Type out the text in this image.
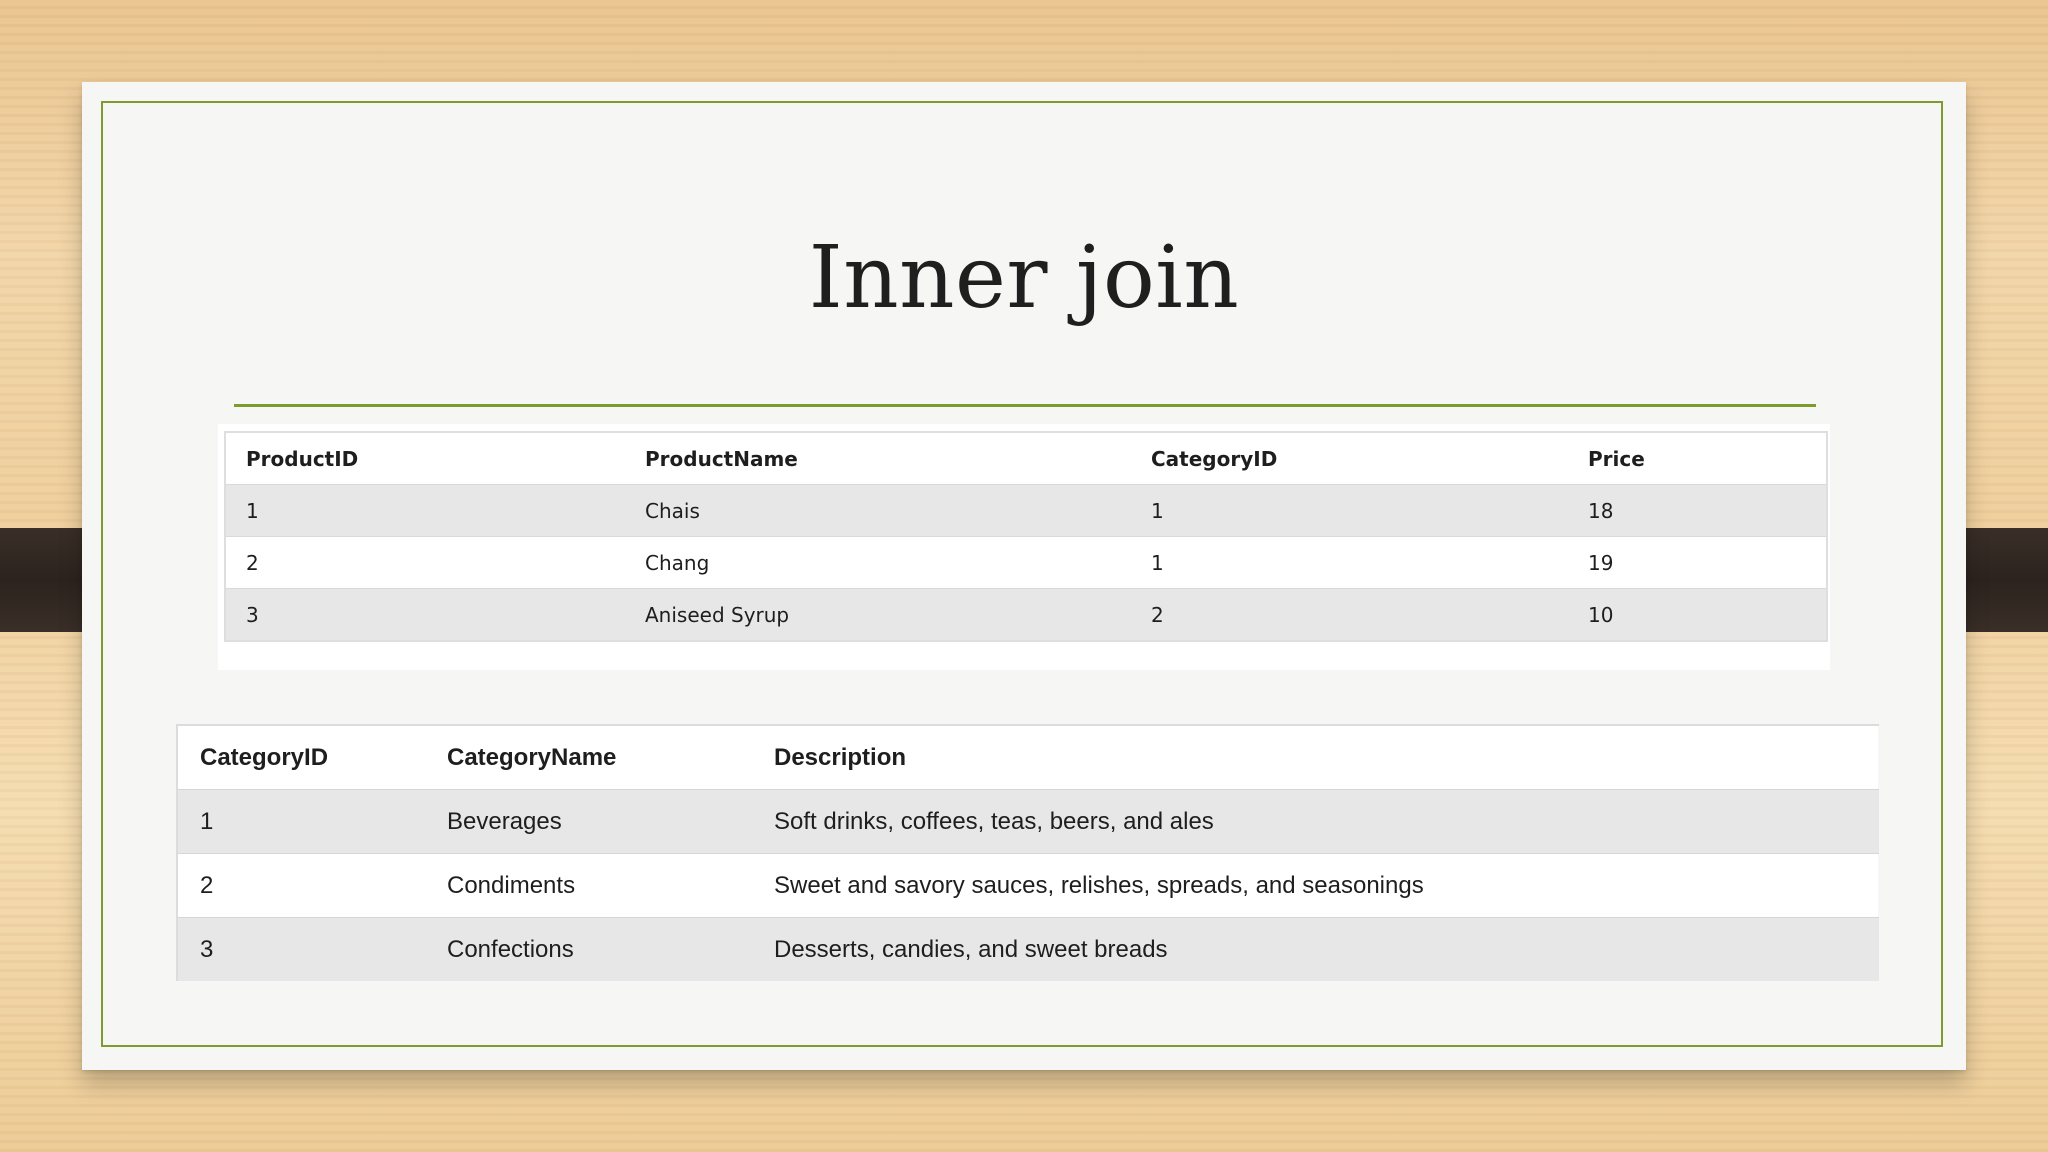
Inner join
ProductID	ProductName	CategoryID	Price
1	Chais	1	18
2	Chang	1	19
3	Aniseed Syrup	2	10
CategoryID	CategoryName	Description
1	Beverages	Soft drinks, coffees, teas, beers, and ales
2	Condiments	Sweet and savory sauces, relishes, spreads, and seasonings
3	Confections	Desserts, candies, and sweet breads
